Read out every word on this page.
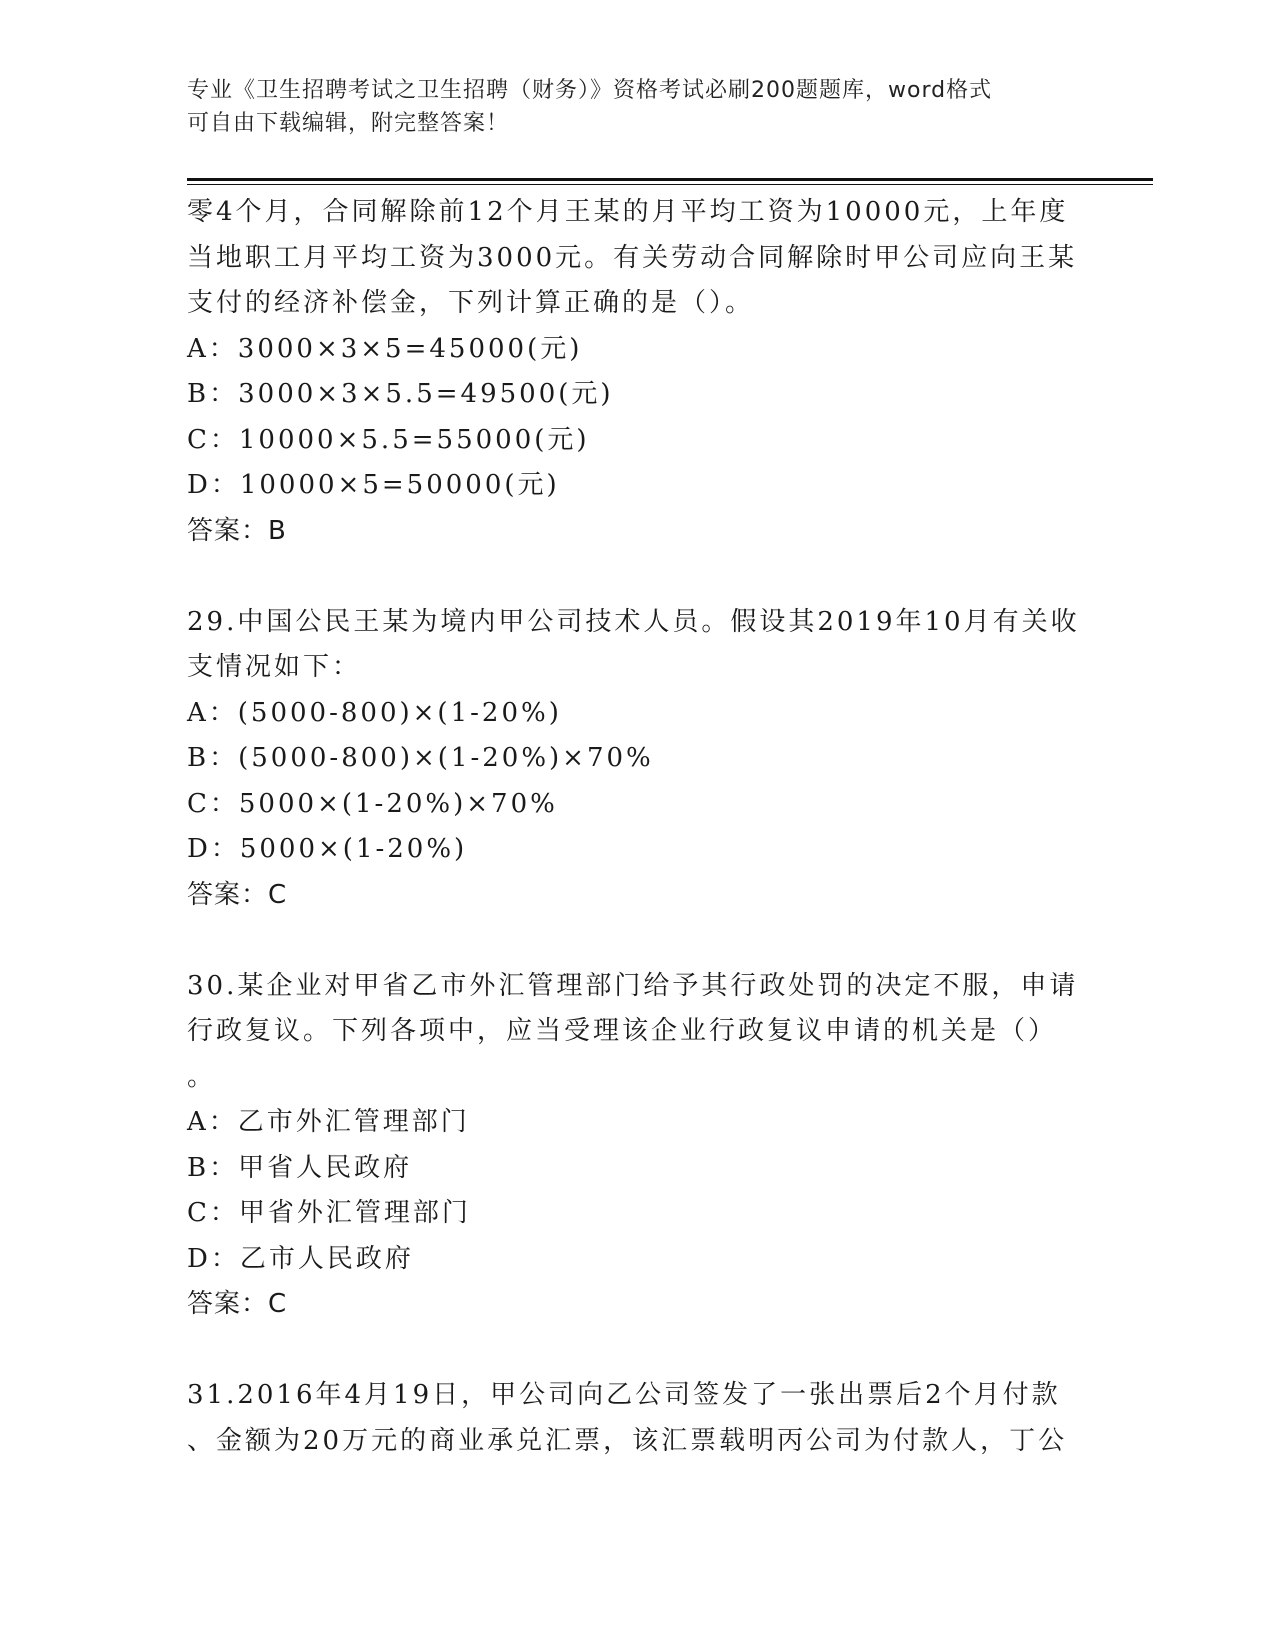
专业《卫生招聘考试之卫生招聘（财务）》资格考试必刷200题题库，word格式
可自由下载编辑，附完整答案！
零4个月，合同解除前12个月王某的月平均工资为10000元，上年度
当地职工月平均工资为3000元。有关劳动合同解除时甲公司应向王某
支付的经济补偿金，下列计算正确的是（）。
A：3000×3×5=45000(元)
B：3000×3×5.5=49500(元)
C：10000×5.5=55000(元)
D：10000×5=50000(元)
答案：B
29.中国公民王某为境内甲公司技术人员。假设其2019年10月有关收
支情况如下：
A：(5000-800)×(1-20%)
B：(5000-800)×(1-20%)×70%
C：5000×(1-20%)×70%
D：5000×(1-20%)
答案：C
30.某企业对甲省乙市外汇管理部门给予其行政处罚的决定不服，申请
行政复议。下列各项中，应当受理该企业行政复议申请的机关是（）
。
A：乙市外汇管理部门
B：甲省人民政府
C：甲省外汇管理部门
D：乙市人民政府
答案：C
31.2016年4月19日，甲公司向乙公司签发了一张出票后2个月付款
、金额为20万元的商业承兑汇票，该汇票载明丙公司为付款人，丁公
